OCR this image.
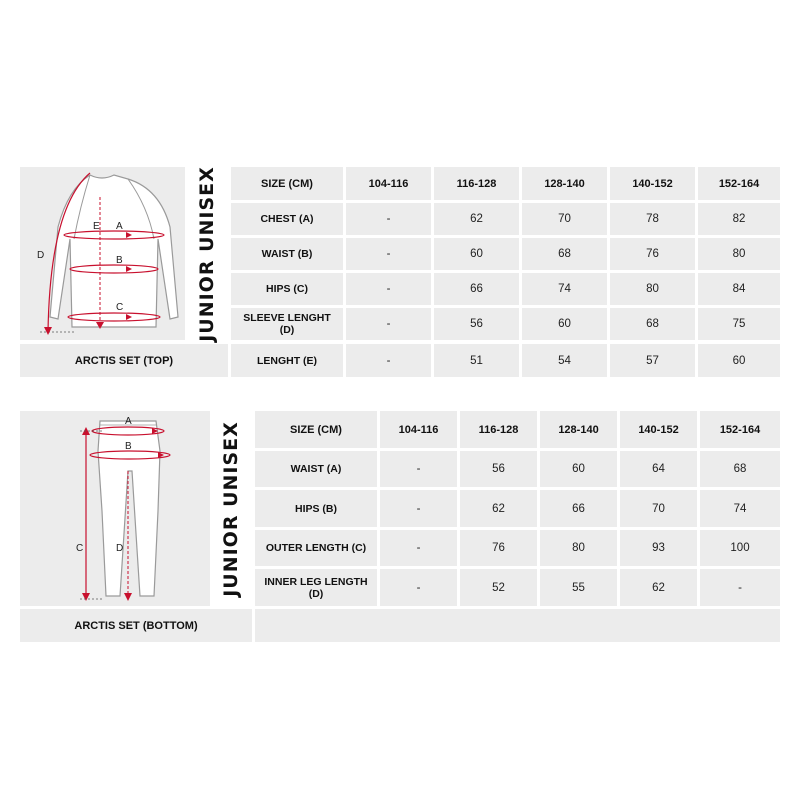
A
B
C
D
E	JUNIOR UNISEX
ARCTIS SET (TOP)
SIZE (CM)	104-116	116-128	128-140	140-152	152-164
CHEST (A)	-	62	70	78	82
WAIST (B)	-	60	68	76	80
HIPS (C)	-	66	74	80	84
SLEEVE LENGHT (D)	-	56	60	68	75
LENGHT (E)	-	51	54	57	60
A
B
C	D	JUNIOR UNISEX
ARCTIS SET (BOTTOM)
SIZE (CM)	104-116	116-128	128-140	140-152	152-164
WAIST (A)	-	56	60	64	68
HIPS (B)	-	62	66	70	74
OUTER LENGTH (C)	-	76	80	93	100
INNER LEG LENGTH (D)	-	52	55	62	-
